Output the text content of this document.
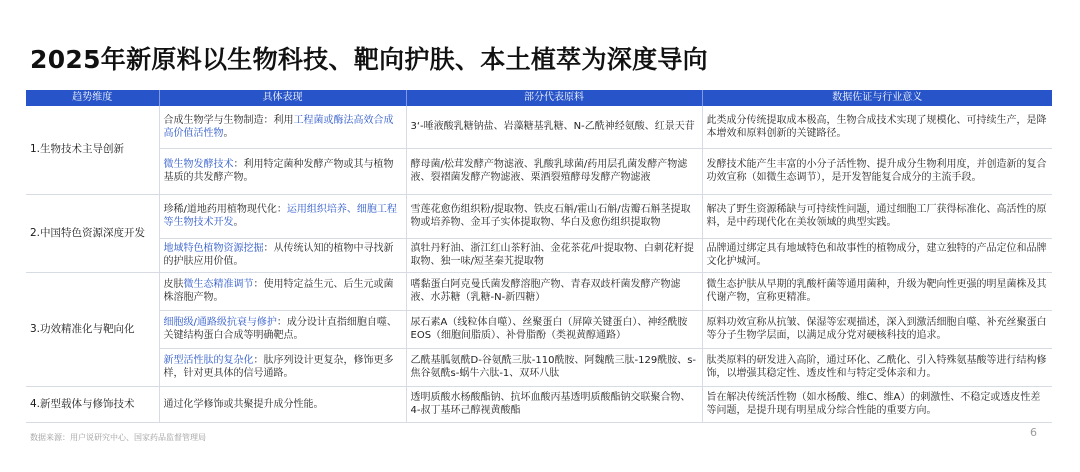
2025年新原料以生物科技、靶向护肤、本土植萃为深度导向
趋势维度	具体表现	部分代表原料	数据佐证与行业意义
1.生物技术主导创新	合成生物学与生物制造：利用工程菌或酶法高效合成高价值活性物。	3‘-唾液酸乳糖钠盐、岩藻糖基乳糖、N-乙酰神经氨酸、红景天苷	此类成分传统提取成本极高，生物合成技术实现了规模化、可持续生产，是降本增效和原料创新的关键路径。
	微生物发酵技术：利用特定菌种发酵产物或其与植物基质的共发酵产物。	酵母菌/松茸发酵产物滤液、乳酸乳球菌/药用层孔菌发酵产物滤液、裂褶菌发酵产物滤液、栗酒裂殖酵母发酵产物滤液	发酵技术能产生丰富的小分子活性物、提升成分生物利用度，并创造新的复合功效宣称（如微生态调节），是开发智能复合成分的主流手段。
2.中国特色资源深度开发	珍稀/道地药用植物现代化：运用组织培养、细胞工程等生物技术开发。	雪莲花愈伤组织粉/提取物、铁皮石斛/霍山石斛/齿瓣石斛茎提取物或培养物、金耳子实体提取物、华白及愈伤组织提取物	解决了野生资源稀缺与可持续性问题，通过细胞工厂获得标准化、高活性的原料，是中药现代化在美妆领域的典型实践。
	地域特色植物资源挖掘：从传统认知的植物中寻找新的护肤应用价值。	滇牡丹籽油、浙江红山茶籽油、金花茶花/叶提取物、白刺花籽提取物、独一味/短茎秦艽提取物	品牌通过绑定具有地域特色和故事性的植物成分，建立独特的产品定位和品牌文化护城河。
3.功效精准化与靶向化	皮肤微生态精准调节：使用特定益生元、后生元或菌株溶胞产物。	嗜黏蛋白阿克曼氏菌发酵溶胞产物、青春双歧杆菌发酵产物滤液、水苏糖（乳糖-N-新四糖）	微生态护肤从早期的乳酸杆菌等通用菌种，升级为靶向性更强的明星菌株及其代谢产物，宣称更精准。
	细胞级/通路级抗衰与修护：成分设计直指细胞自噬、关键结构蛋白合成等明确靶点。	尿石素A（线粒体自噬）、丝聚蛋白（屏障关键蛋白）、神经酰胺EOS（细胞间脂质）、补骨脂酚（类视黄醇通路）	原料功效宣称从抗皱、保湿等宏观描述，深入到激活细胞自噬、补充丝聚蛋白等分子生物学层面，以满足成分党对硬核科技的追求。
	新型活性肽的复杂化：肽序列设计更复杂，修饰更多样，针对更具体的信号通路。	乙酰基胍氨酰D-谷氨酰三肽-110酰胺、阿魏酰三肽-129酰胺、s-焦谷氨酰s-蜗牛六肽-1、双环八肽	肽类原料的研发进入高阶，通过环化、乙酰化、引入特殊氨基酸等进行结构修饰，以增强其稳定性、透皮性和与特定受体亲和力。
4.新型载体与修饰技术	通过化学修饰或共聚提升成分性能。	透明质酸水杨酸酯钠、抗坏血酸丙基透明质酸酯钠交联聚合物、4-叔丁基环己醇视黄酸酯	旨在解决传统活性物（如水杨酸、维C、维A）的刺激性、不稳定或透皮性差等问题，是提升现有明星成分综合性能的重要方向。
数据来源：用户说研究中心、国家药品监督管理局	6
